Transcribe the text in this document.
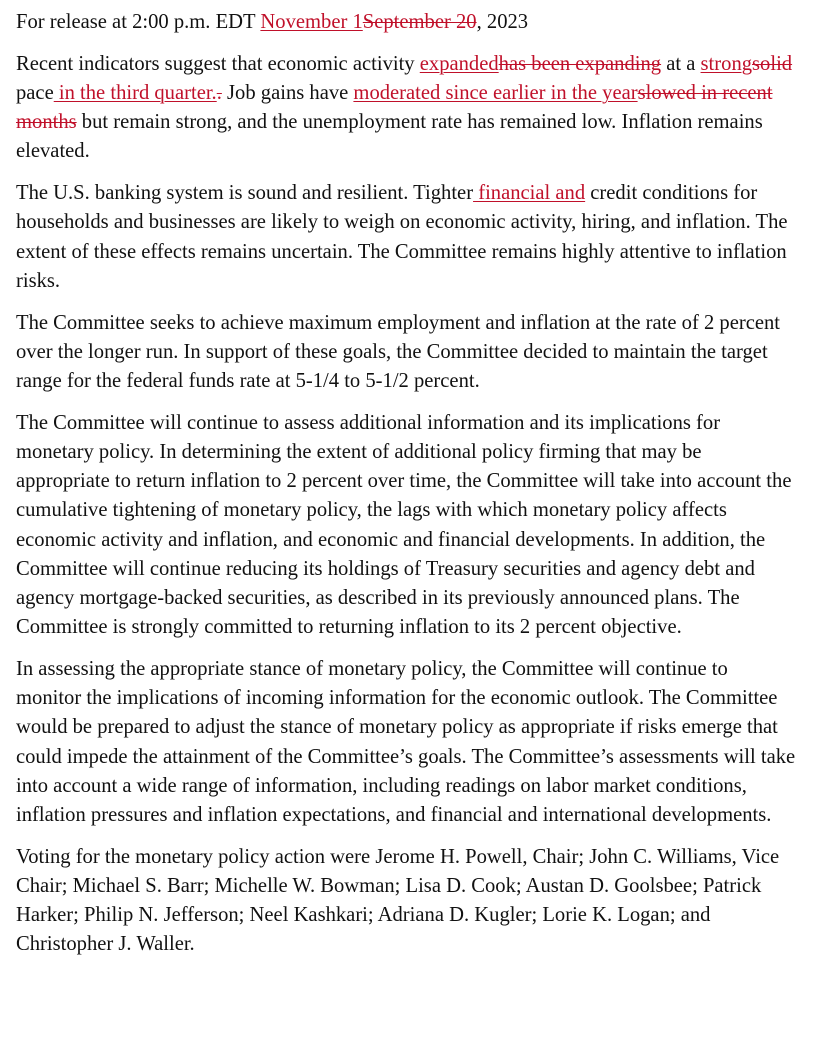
For release at 2:00 p.m. EDT November 1September 20, 2023

Recent indicators suggest that economic activity expandedhas been expanding at a strongsolid pace in the third quarter.. Job gains have moderated since earlier in the yearslowed in recent months but remain strong, and the unemployment rate has remained low. Inflation remains elevated.

The U.S. banking system is sound and resilient. Tighter financial and credit conditions for households and businesses are likely to weigh on economic activity, hiring, and inflation. The extent of these effects remains uncertain. The Committee remains highly attentive to inflation risks.

The Committee seeks to achieve maximum employment and inflation at the rate of 2 percent over the longer run. In support of these goals, the Committee decided to maintain the target range for the federal funds rate at 5-1/4 to 5-1/2 percent.

The Committee will continue to assess additional information and its implications for monetary policy. In determining the extent of additional policy firming that may be appropriate to return inflation to 2 percent over time, the Committee will take into account the cumulative tightening of monetary policy, the lags with which monetary policy affects economic activity and inflation, and economic and financial developments. In addition, the Committee will continue reducing its holdings of Treasury securities and agency debt and agency mortgage-backed securities, as described in its previously announced plans. The Committee is strongly committed to returning inflation to its 2 percent objective.

In assessing the appropriate stance of monetary policy, the Committee will continue to monitor the implications of incoming information for the economic outlook. The Committee would be prepared to adjust the stance of monetary policy as appropriate if risks emerge that could impede the attainment of the Committee’s goals. The Committee’s assessments will take into account a wide range of information, including readings on labor market conditions, inflation pressures and inflation expectations, and financial and international developments.

Voting for the monetary policy action were Jerome H. Powell, Chair; John C. Williams, Vice Chair; Michael S. Barr; Michelle W. Bowman; Lisa D. Cook; Austan D. Goolsbee; Patrick Harker; Philip N. Jefferson; Neel Kashkari; Adriana D. Kugler; Lorie K. Logan; and Christopher J. Waller.
